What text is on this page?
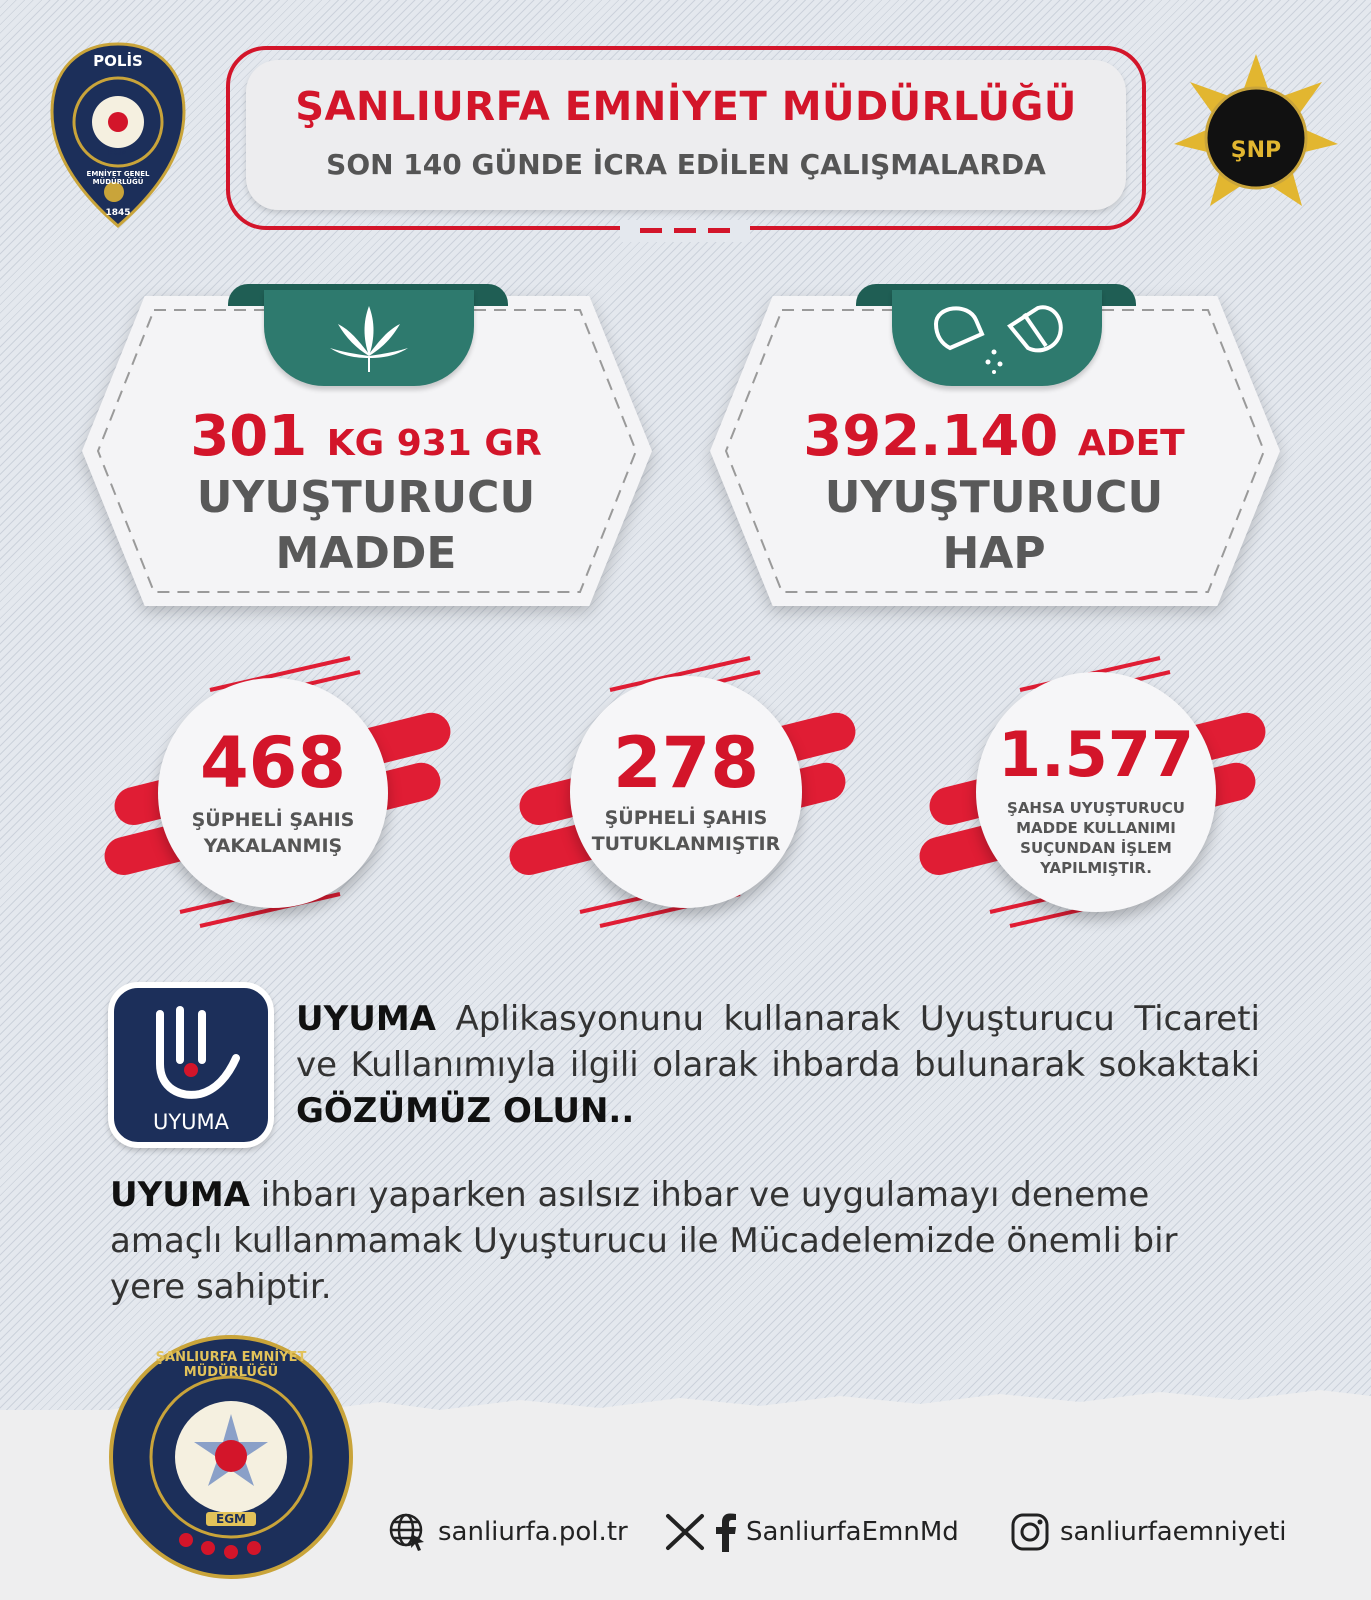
ŞANLIURFA EMNİYET MÜDÜRLÜĞÜ
SON 140 GÜNDE İCRA EDİLEN ÇALIŞMALARDA
POLİS
EMNİYET GENEL MÜDÜRLÜĞÜ
EGM
1845
ŞNP
301 KG 931 GR
UYUŞTURUCU
MADDE
392.140 ADET
UYUŞTURUCU
HAP
468
ŞÜPHELİ ŞAHIS
YAKALANMIŞ
278
ŞÜPHELİ ŞAHIS
TUTUKLANMIŞTIR
1.577
ŞAHSA UYUŞTURUCU
MADDE KULLANIMI
SUÇUNDAN İŞLEM
YAPILMIŞTIR.
UYUMA
UYUMA Aplikasyonunu kullanarak Uyuşturucu Ticareti ve Kullanımıyla ilgili olarak ihbarda bulunarak sokaktaki GÖZÜMÜZ OLUN..
UYUMA ihbarı yaparken asılsız ihbar ve uygulamayı deneme amaçlı kullanmamak Uyuşturucu ile Mücadelemizde önemli bir yere sahiptir.
ŞANLIURFA EMNİYET MÜDÜRLÜĞÜ
EGM	sanliurfa.pol.tr	SanliurfaEmnMd	sanliurfaemniyeti
